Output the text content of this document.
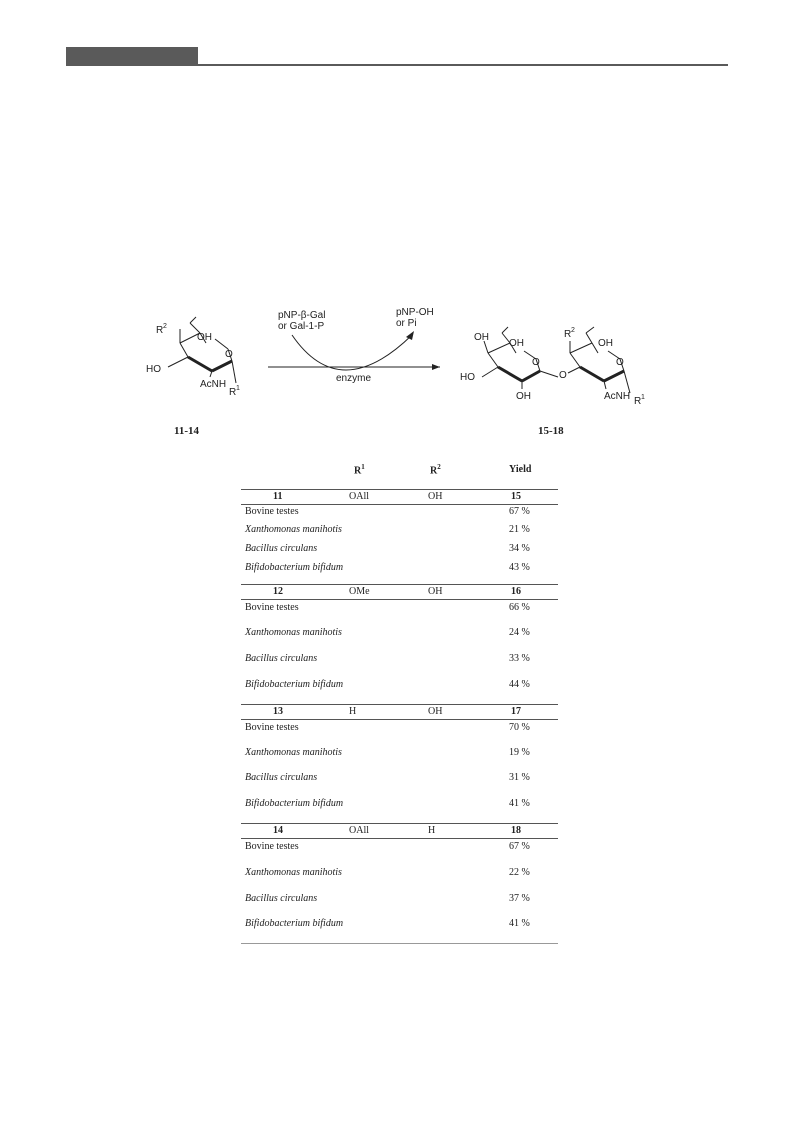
R 2
OH
O
HO
AcNH
R 1
pNP-β-Gal
or Gal-1-P
pNP-OH
or Pi
enzyme
OH
OH
O
HO
OH
O
R 2
OH
O
AcNH R 1
11-14	15-18
$R^1$	$R^2$	Yield
11	OAll	OH	15
Bovine testes	67 %
Xanthomonas manihotis	21 %
Bacillus circulans	34 %
Bifidobacterium bifidum	43 %
12	OMe	OH	16
Bovine testes	66 %
Xanthomonas manihotis	24 %
Bacillus circulans	33 %
Bifidobacterium bifidum	44 %
13	H	OH	17
Bovine testes	70 %
Xanthomonas manihotis	19 %
Bacillus circulans	31 %
Bifidobacterium bifidum	41 %
14	OAll	H	18
Bovine testes	67 %
Xanthomonas manihotis	22 %
Bacillus circulans	37 %
Bifidobacterium bifidum	41 %
